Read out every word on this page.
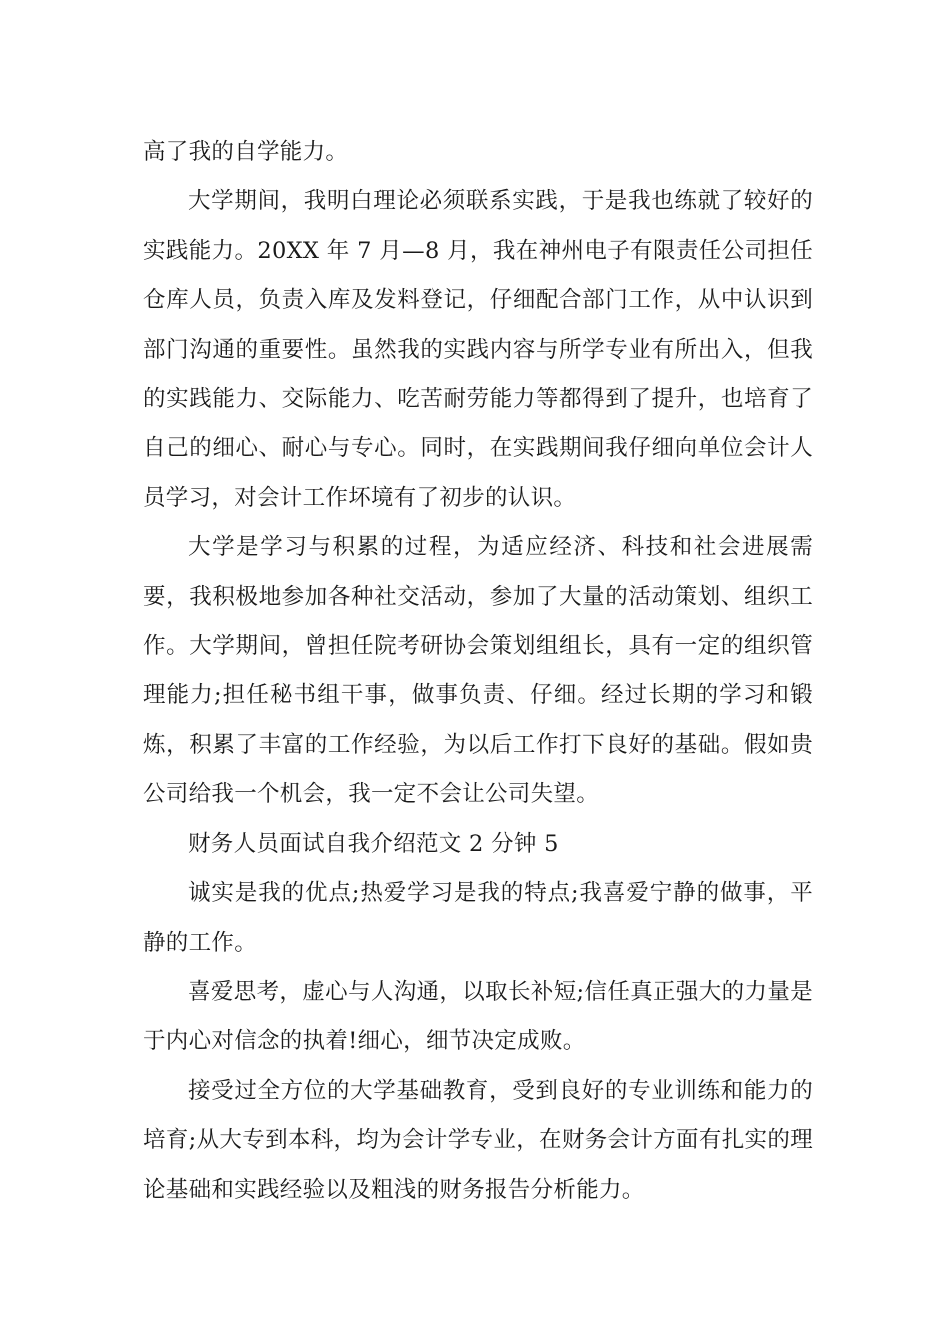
高了我的自学能力。

大学期间，我明白理论必须联系实践，于是我也练就了较好的实践能力。20XX 年 7 月—8 月，我在神州电子有限责任公司担任仓库人员，负责入库及发料登记，仔细配合部门工作，从中认识到部门沟通的重要性。虽然我的实践内容与所学专业有所出入，但我的实践能力、交际能力、吃苦耐劳能力等都得到了提升，也培育了自己的细心、耐心与专心。同时，在实践期间我仔细向单位会计人员学习，对会计工作坏境有了初步的认识。

大学是学习与积累的过程，为适应经济、科技和社会进展需要，我积极地参加各种社交活动，参加了大量的活动策划、组织工作。大学期间，曾担任院考研协会策划组组长，具有一定的组织管理能力;担任秘书组干事，做事负责、仔细。经过长期的学习和锻炼，积累了丰富的工作经验，为以后工作打下良好的基础。假如贵公司给我一个机会，我一定不会让公司失望。

财务人员面试自我介绍范文 2 分钟 5

诚实是我的优点;热爱学习是我的特点;我喜爱宁静的做事，平静的工作。

喜爱思考，虚心与人沟通，以取长补短;信任真正强大的力量是于内心对信念的执着!细心，细节决定成败。

接受过全方位的大学基础教育，受到良好的专业训练和能力的培育;从大专到本科，均为会计学专业，在财务会计方面有扎实的理论基础和实践经验以及粗浅的财务报告分析能力。
